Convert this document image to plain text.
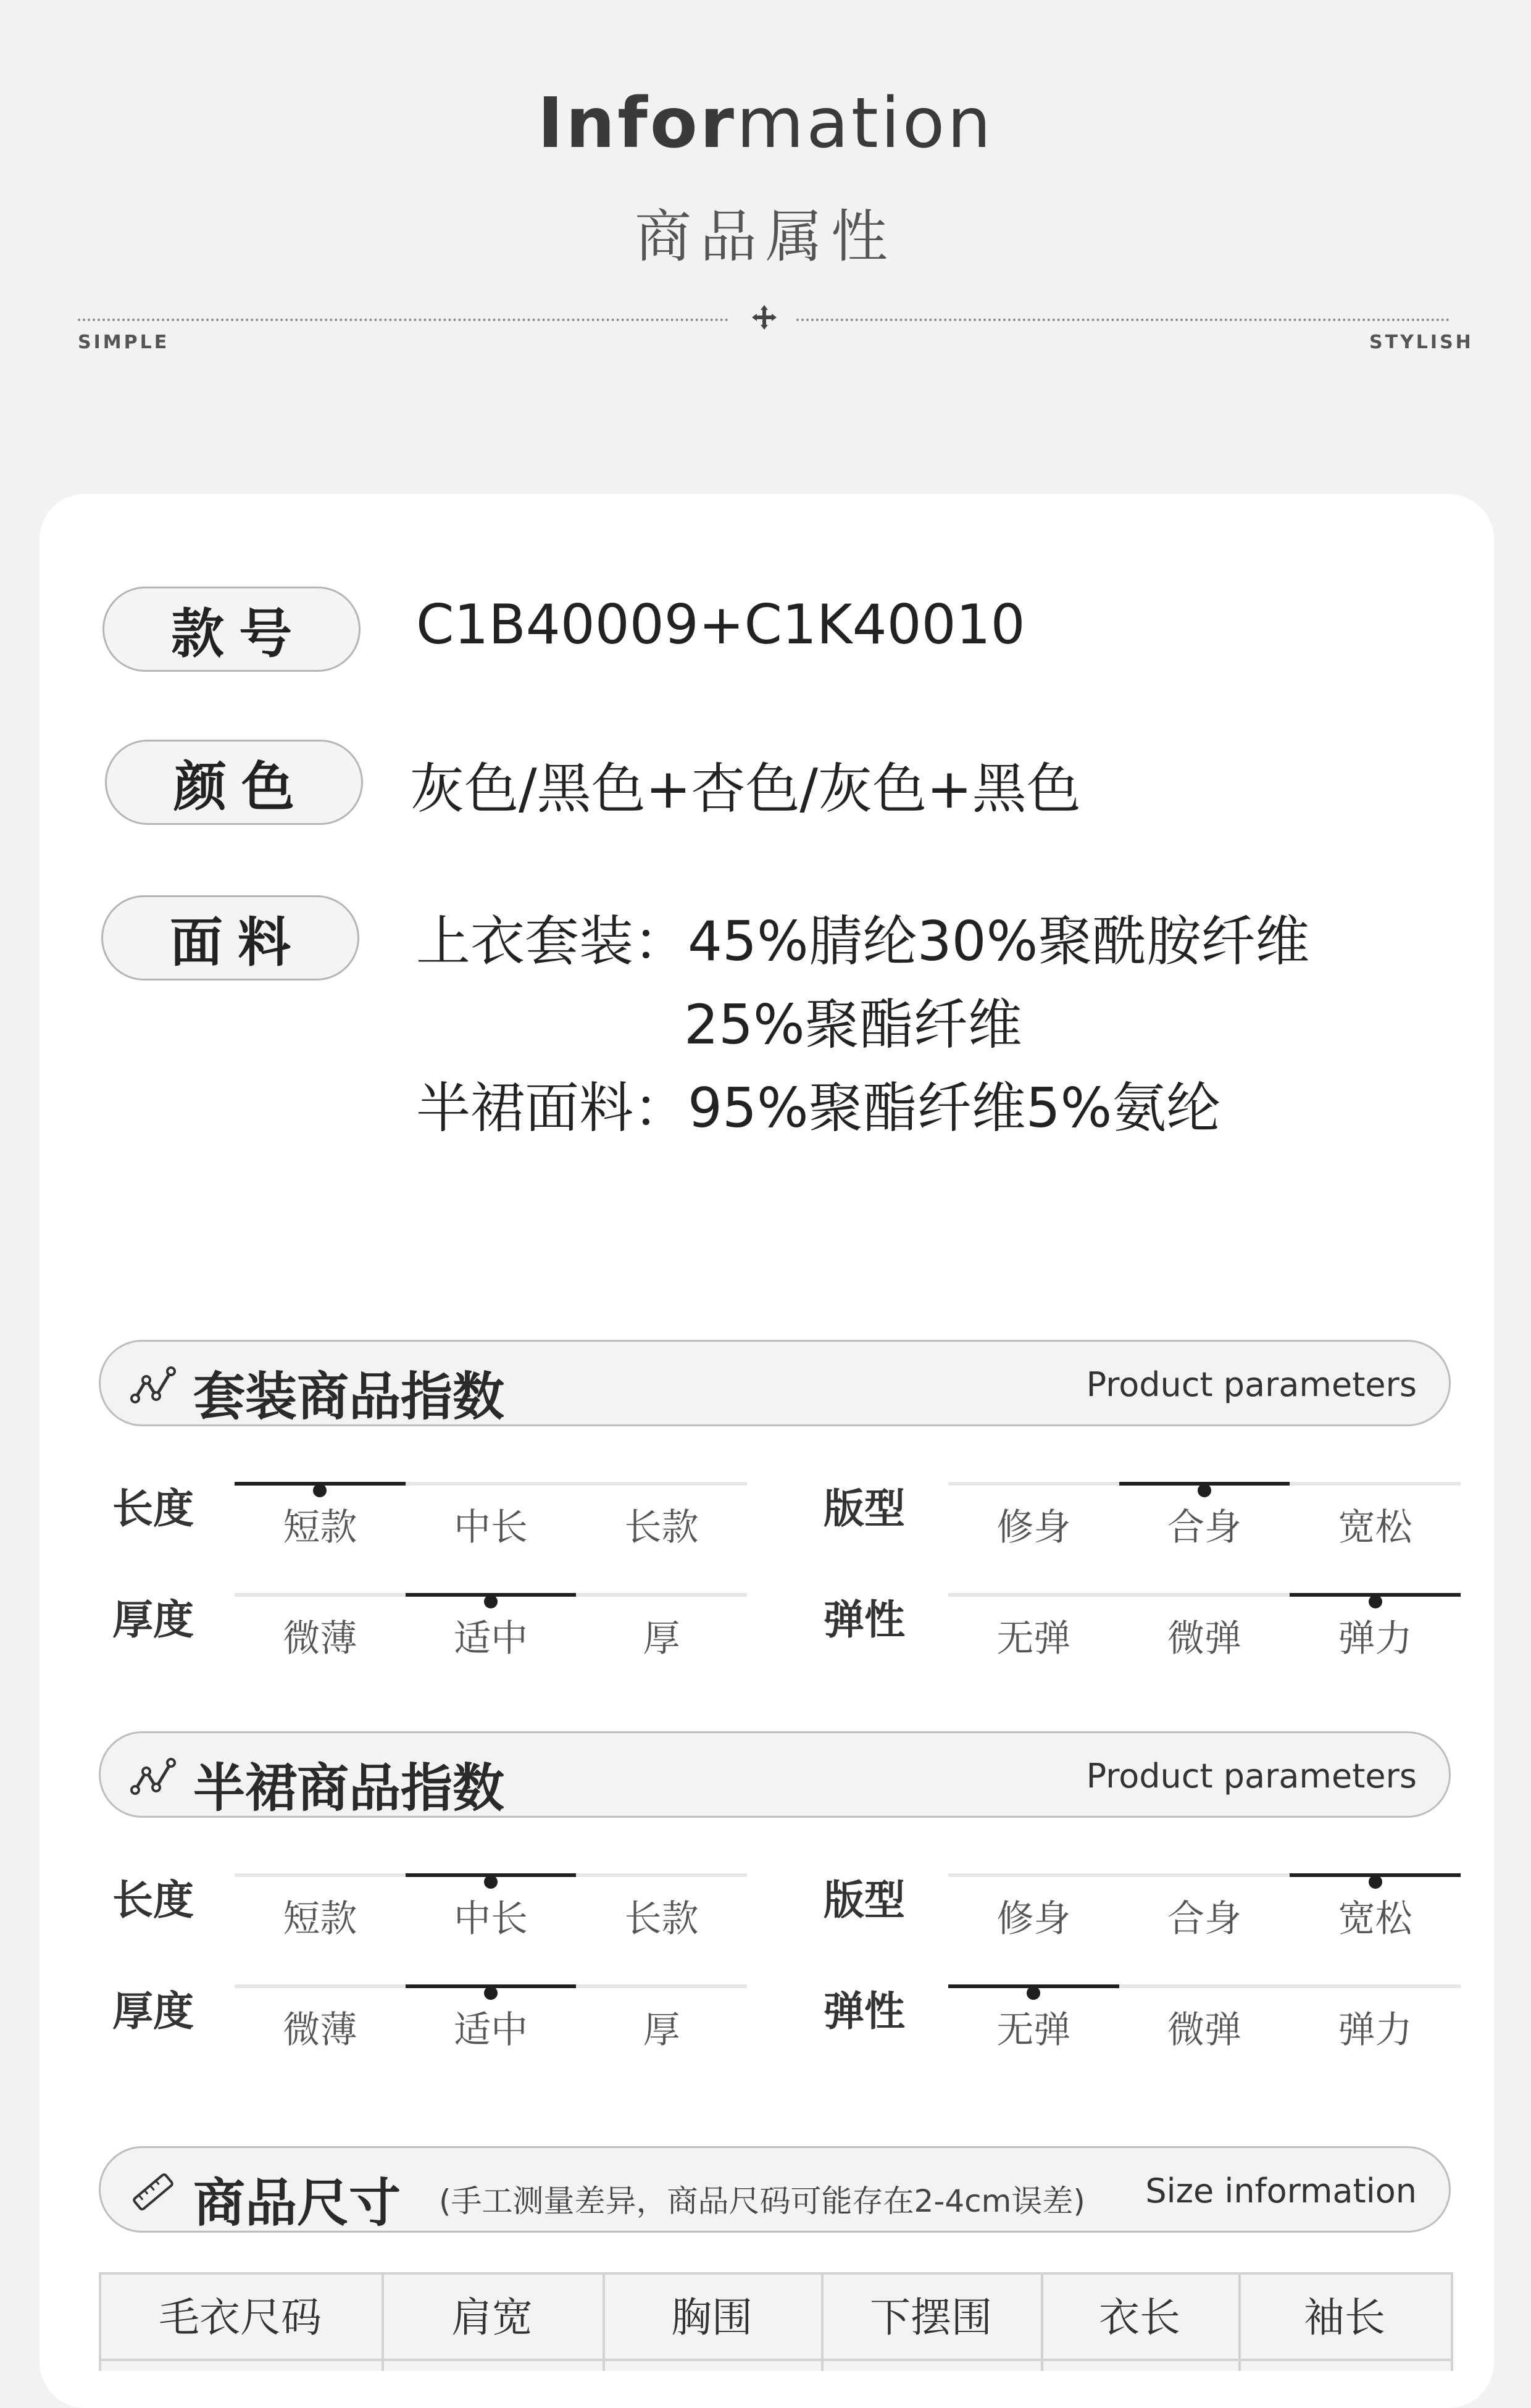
Information
商品属性
SIMPLE	STYLISH
款号	C1B40009+C1K40010
颜色	灰色/黑色+杏色/灰色+黑色
面料	上衣套装：45%腈纶30%聚酰胺纤维
25%聚酯纤维
半裙面料：95%聚酯纤维5%氨纶
套装商品指数	Product parameters
长度	短款	中长	长款	版型	修身	合身	宽松
厚度	微薄	适中	厚	弹性	无弹	微弹	弹力
半裙商品指数	Product parameters
长度	短款	中长	长款	版型	修身	合身	宽松
厚度	微薄	适中	厚	弹性	无弹	微弹	弹力
商品尺寸 (手工测量差异，商品尺码可能存在2-4cm误差) Size information
毛衣尺码	肩宽	胸围	下摆围	衣长	袖长
